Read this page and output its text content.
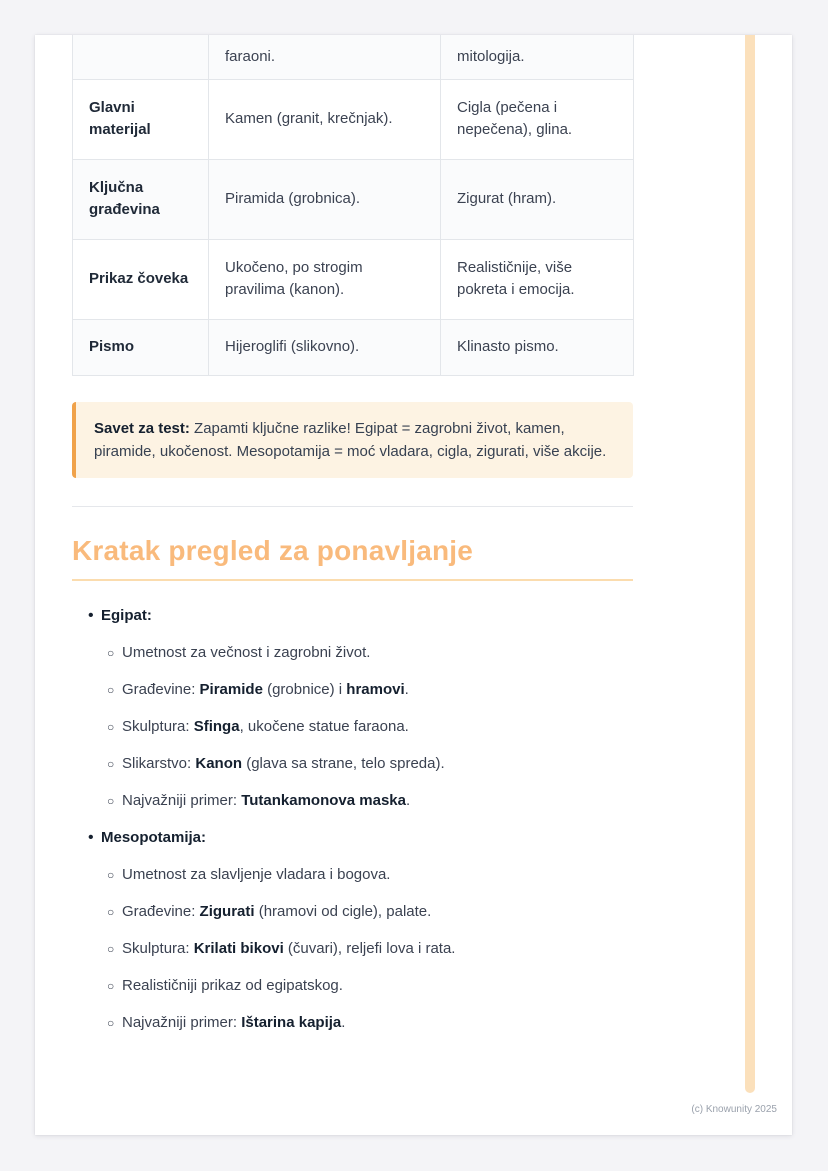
	faraoni.	mitologija.
Glavni materijal	Kamen (granit, krečnjak).	Cigla (pečena i nepečena), glina.
Ključna građevina	Piramida (grobnica).	Zigurat (hram).
Prikaz čoveka	Ukočeno, po strogim pravilima (kanon).	Realističnije, više pokreta i emocija.
Pismo	Hijeroglifi (slikovno).	Klinasto pismo.

Savet za test: Zapamti ključne razlike! Egipat = zagrobni život, kamen, piramide, ukočenost. Mesopotamija = moć vladara, cigla, zigurati, više akcije.

Kratak pregled za ponavljanje
• Egipat:
○ Umetnost za večnost i zagrobni život.
○ Građevine: Piramide (grobnice) i hramovi.
○ Skulptura: Sfinga, ukočene statue faraona.
○ Slikarstvo: Kanon (glava sa strane, telo spreda).
○ Najvažniji primer: Tutankamonova maska.
• Mesopotamija:
○ Umetnost za slavljenje vladara i bogova.
○ Građevine: Zigurati (hramovi od cigle), palate.
○ Skulptura: Krilati bikovi (čuvari), reljefi lova i rata.
○ Realističniji prikaz od egipatskog.
○ Najvažniji primer: Ištarina kapija.
(c) Knowunity 2025
